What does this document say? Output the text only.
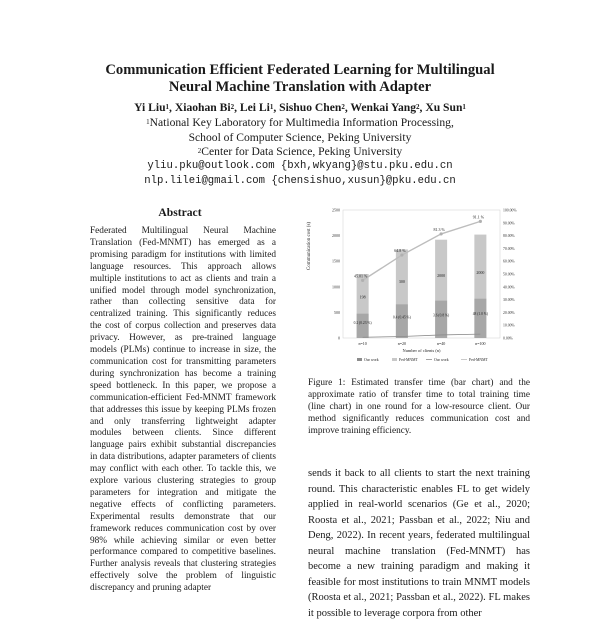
Communication Efficient Federated Learning for Multilingual
Neural Machine Translation with Adapter
Yi Liu$^1$, Xiaohan Bi$^2$, Lei Li$^1$, Sishuo Chen$^2$, Wenkai Yang$^2$, Xu Sun$^1$
$^1$National Key Laboratory for Multimedia Information Processing,
School of Computer Science, Peking University
$^2$Center for Data Science, Peking University
yliu.pku@outlook.com {bxh,wkyang}@stu.pku.edu.cn
nlp.lilei@gmail.com {chensishuo,xusun}@pku.edu.cn
Abstract
Federated Multilingual Neural Machine Translation (Fed-MNMT) has emerged as a promising paradigm for institutions with limited language resources. This approach allows multiple institutions to act as clients and train a unified model through model synchronization, rather than collecting sensitive data for centralized training. This significantly reduces the cost of corpus collection and preserves data privacy. However, as pre-trained language models (PLMs) continue to increase in size, the communication cost for transmitting parameters during synchronization has become a training speed bottleneck. In this paper, we propose a communication-efficient Fed-MNMT framework that addresses this issue by keeping PLMs frozen and only transferring lightweight adapter modules between clients. Since different language pairs exhibit substantial discrepancies in data distributions, adapter parameters of clients may conflict with each other. To tackle this, we explore various clustering strategies to group parameters for integration and mitigate the negative effects of conflicting parameters. Experimental results demonstrate that our framework reduces communication cost by over 98% while achieving similar or even better performance compared to competitive baselines. Further analysis reveals that clustering strategies effectively solve the problem of linguistic discrepancy and pruning adapter
0
500
1000
1500
2000
2500
0.00%
10.00%
20.00%
30.00%
40.00%
50.00%
60.00%
70.00%
80.00%
90.00%
100.00%
198
0.2 (0.23 %)
n=10
300
0.4 (0.45 %)
n=20
2000
3.6 (0.8 %)
n=40
2000
48 (1.0 %)
n=100
45.01 %
64.8 %
81.3 %
91.1 %
Number of clients (n)
Our work	Fed-MNMT	Our work	Fed-MNMT
Communication cost (s)
Figure 1: Estimated transfer time (bar chart) and the approximate ratio of transfer time to total training time (line chart) in one round for a low-resource client. Our method significantly reduces communication cost and improve training efficiency.
sends it back to all clients to start the next training round. This characteristic enables FL to get widely applied in real-world scenarios (Ge et al., 2020; Roosta et al., 2021; Passban et al., 2022; Niu and Deng, 2022). In recent years, federated multilingual neural machine translation (Fed-MNMT) has become a new training paradigm and making it feasible for most institutions to train MNMT models (Roosta et al., 2021; Passban et al., 2022). FL makes it possible to leverage corpora from other
